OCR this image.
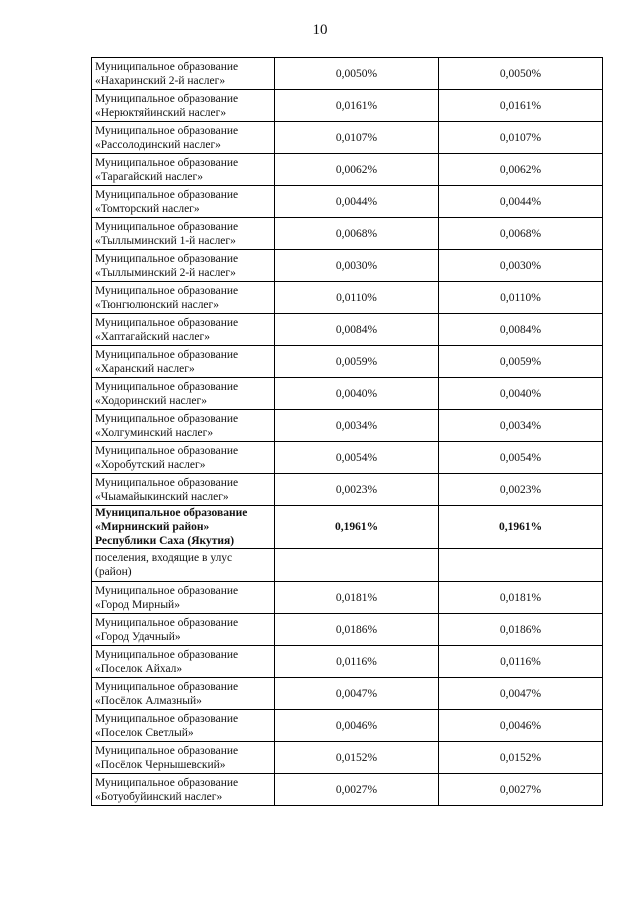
10
Муниципальное образование
«Нахаринский 2-й наслег»	0,0050%	0,0050%

Муниципальное образование
«Нерюктяйинский наслег»	0,0161%	0,0161%

Муниципальное образование
«Рассолодинский наслег»	0,0107%	0,0107%

Муниципальное образование
«Тарагайский наслег»	0,0062%	0,0062%

Муниципальное образование
«Томторский наслег»	0,0044%	0,0044%

Муниципальное образование
«Тыллыминский 1-й наслег»	0,0068%	0,0068%

Муниципальное образование
«Тыллыминский 2-й наслег»	0,0030%	0,0030%

Муниципальное образование
«Тюнгюлюнский наслег»	0,0110%	0,0110%

Муниципальное образование
«Хаптагайский наслег»	0,0084%	0,0084%

Муниципальное образование
«Харанский наслег»	0,0059%	0,0059%

Муниципальное образование
«Ходоринский наслег»	0,0040%	0,0040%

Муниципальное образование
«Холгуминский наслег»	0,0034%	0,0034%

Муниципальное образование
«Хоробутский наслег»	0,0054%	0,0054%

Муниципальное образование
«Чыамайыкинский наслег»	0,0023%	0,0023%

Муниципальное образование
«Мирнинский район»
Республики Саха (Якутия)	0,1961%	0,1961%

поселения, входящие в улус
(район)		

Муниципальное образование
«Город Мирный»	0,0181%	0,0181%

Муниципальное образование
«Город Удачный»	0,0186%	0,0186%

Муниципальное образование
«Поселок Айхал»	0,0116%	0,0116%

Муниципальное образование
«Посёлок Алмазный»	0,0047%	0,0047%

Муниципальное образование
«Поселок Светлый»	0,0046%	0,0046%

Муниципальное образование
«Посёлок Чернышевский»	0,0152%	0,0152%

Муниципальное образование
«Ботуобуйинский наслег»	0,0027%	0,0027%
